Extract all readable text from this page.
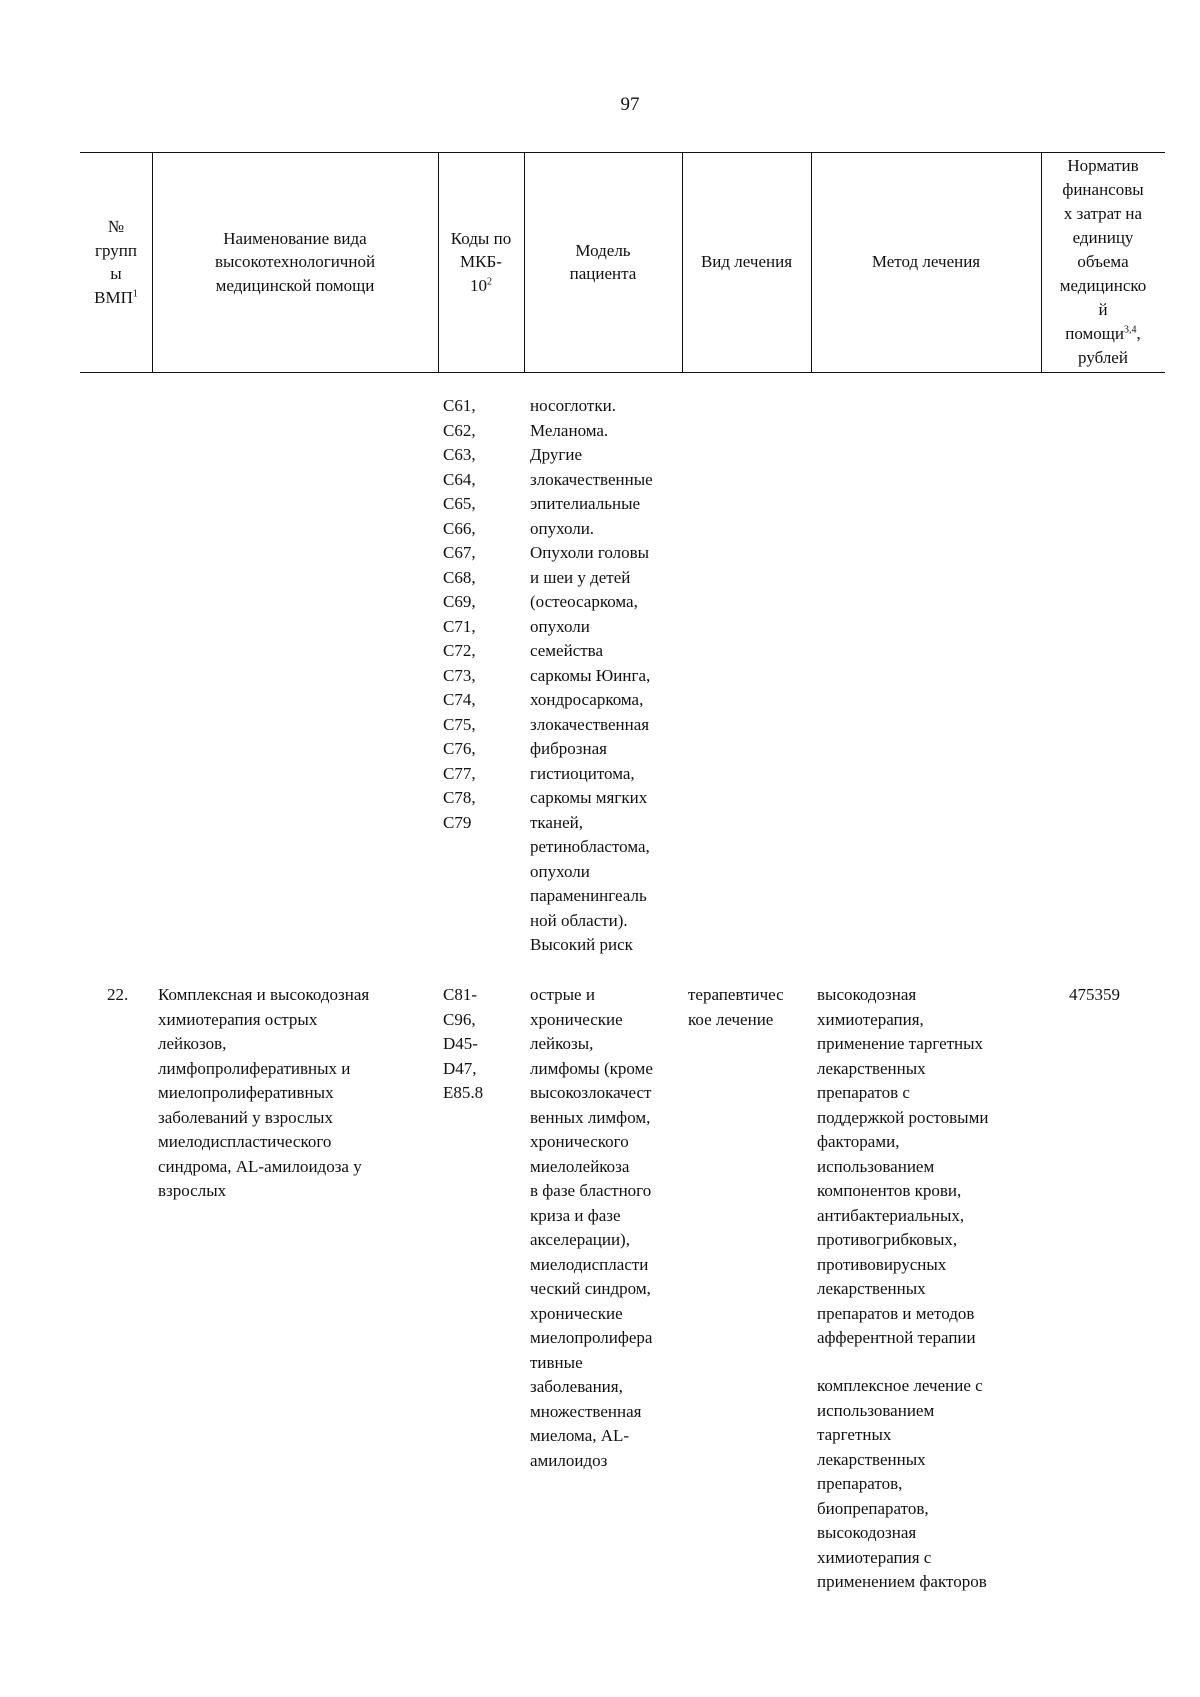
97
№
групп
ы
ВМП$^1$
Наименование вида
высокотехнологичной
медицинской помощи
Коды по
МКБ-
$10^2$
Модель
пациента
Вид лечения	Метод лечения
Норматив
финансовы
х затрат на
единицу
объема
медицинско
й
помощи$^{3,4}$,
рублей
C61,
C62,
C63,
C64,
C65,
C66,
C67,
C68,
C69,
C71,
C72,
C73,
C74,
C75,
C76,
C77,
C78,
C79
носоглотки.
Меланома.
Другие
злокачественные
эпителиальные
опухоли.
Опухоли головы
и шеи у детей
(остеосаркома,
опухоли
семейства
саркомы Юинга,
хондросаркома,
злокачественная
фиброзная
гистиоцитома,
саркомы мягких
тканей,
ретинобластома,
опухоли
параменингеаль
ной области).
Высокий риск
22. Комплексная и высокодозная
химиотерапия острых
лейкозов,
лимфопролиферативных и
миелопролиферативных
заболеваний у взрослых
миелодиспластического
синдрома, AL-амилоидоза у
взрослых
C81-
C96,
D45-
D47,
E85.8
острые и
хронические
лейкозы,
лимфомы (кроме
высокозлокачест
венных лимфом,
хронического
миелолейкоза
в фазе бластного
криза и фазе
акселерации),
миелодиспласти
ческий синдром,
хронические
миелопролифера
тивные
заболевания,
множественная
миелома, AL-
амилоидоз
терапевтичес
кое лечение
высокодозная
химиотерапия,
применение таргетных
лекарственных
препаратов с
поддержкой ростовыми
факторами,
использованием
компонентов крови,
антибактериальных,
противогрибковых,
противовирусных
лекарственных
препаратов и методов
афферентной терапии
комплексное лечение с
использованием
таргетных
лекарственных
препаратов,
биопрепаратов,
высокодозная
химиотерапия с
применением факторов
475359
